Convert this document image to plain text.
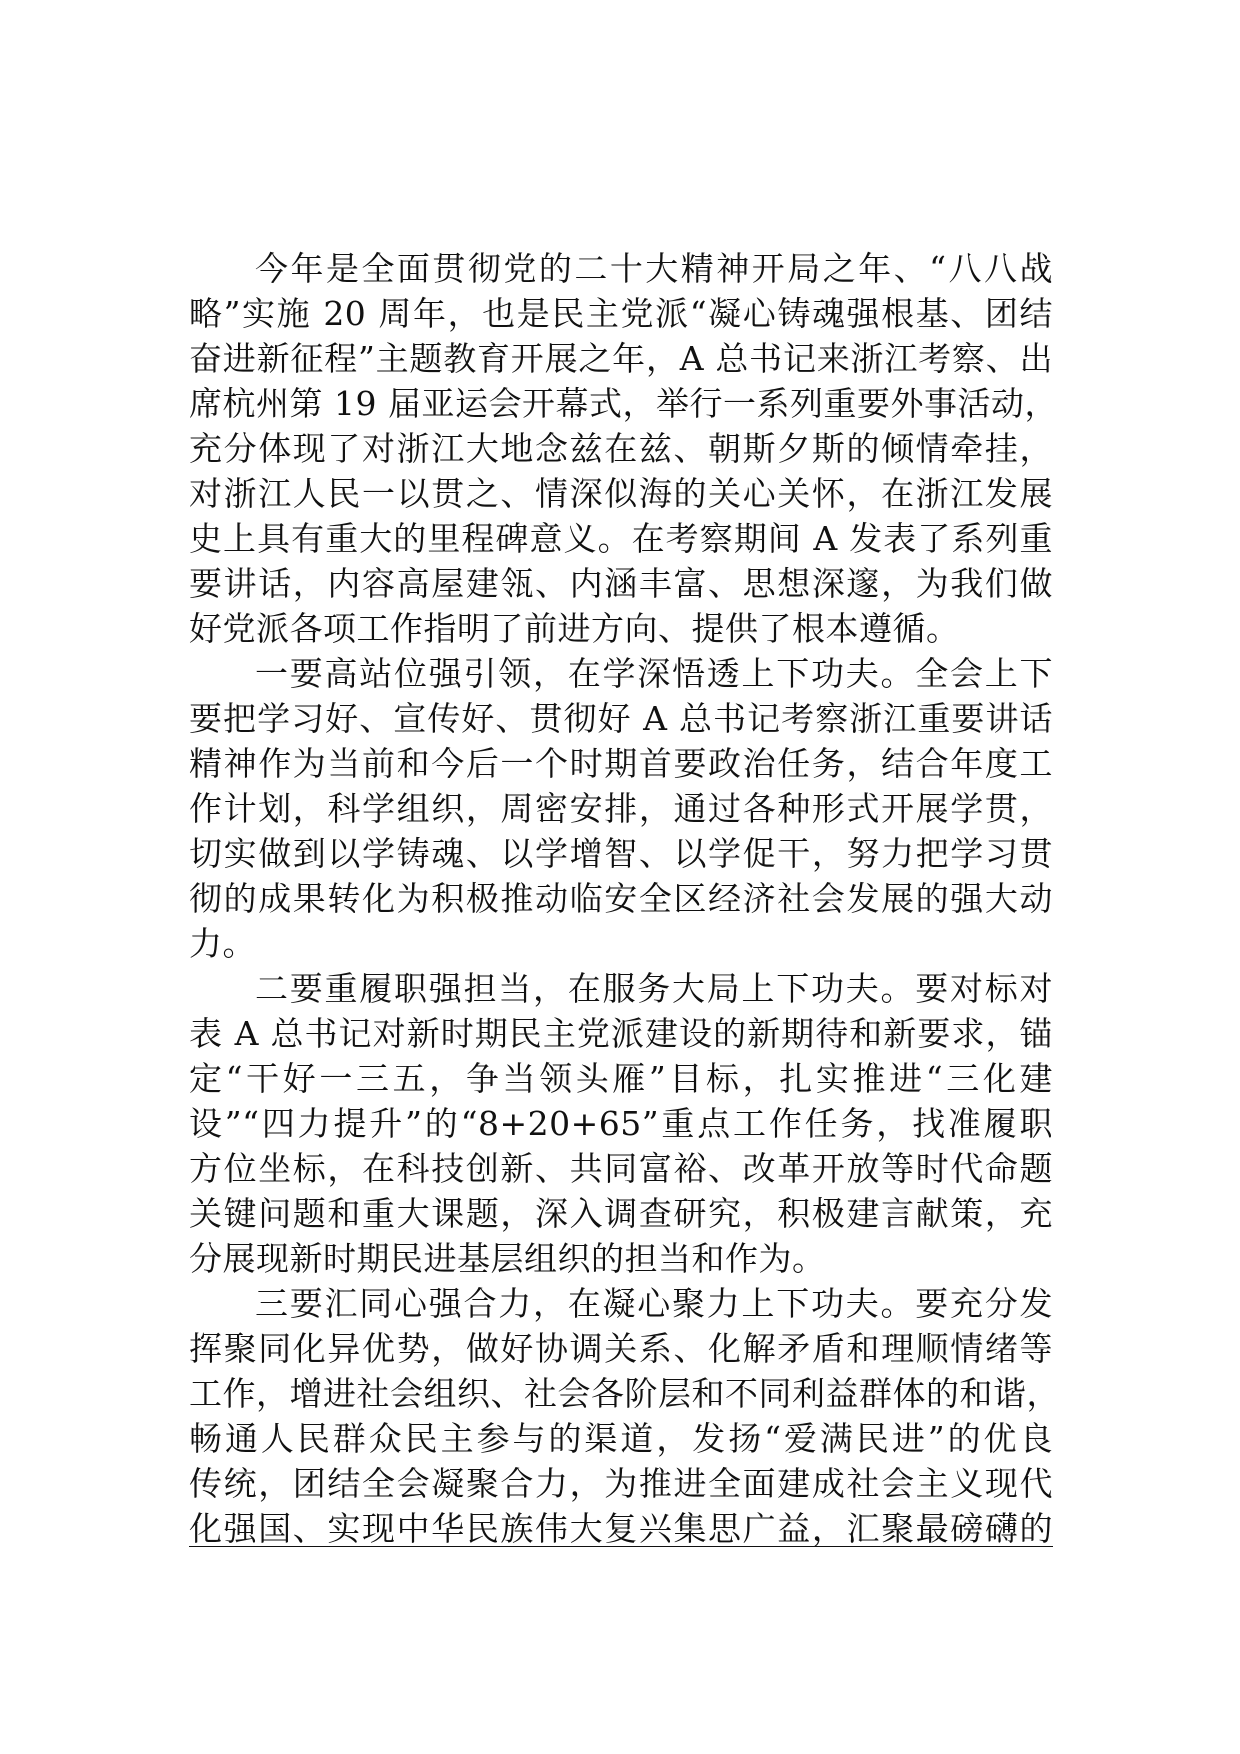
今年是全面贯彻党的二十大精神开局之年、“八八战
略”实施 20 周年，也是民主党派“凝心铸魂强根基、团结
奋进新征程”主题教育开展之年，A 总书记来浙江考察、出
席杭州第 19 届亚运会开幕式，举行一系列重要外事活动，
充分体现了对浙江大地念兹在兹、朝斯夕斯的倾情牵挂，
对浙江人民一以贯之、情深似海的关心关怀，在浙江发展
史上具有重大的里程碑意义。在考察期间 A 发表了系列重
要讲话，内容高屋建瓴、内涵丰富、思想深邃，为我们做
好党派各项工作指明了前进方向、提供了根本遵循。
一要高站位强引领，在学深悟透上下功夫。全会上下
要把学习好、宣传好、贯彻好 A 总书记考察浙江重要讲话
精神作为当前和今后一个时期首要政治任务，结合年度工
作计划，科学组织，周密安排，通过各种形式开展学贯，
切实做到以学铸魂、以学增智、以学促干，努力把学习贯
彻的成果转化为积极推动临安全区经济社会发展的强大动
力。
二要重履职强担当，在服务大局上下功夫。要对标对
表 A 总书记对新时期民主党派建设的新期待和新要求，锚
定“干好一三五，争当领头雁”目标，扎实推进“三化建
设”“四力提升”的“8+20+65”重点工作任务，找准履职
方位坐标，在科技创新、共同富裕、改革开放等时代命题
关键问题和重大课题，深入调查研究，积极建言献策，充
分展现新时期民进基层组织的担当和作为。
三要汇同心强合力，在凝心聚力上下功夫。要充分发
挥聚同化异优势，做好协调关系、化解矛盾和理顺情绪等
工作，增进社会组织、社会各阶层和不同利益群体的和谐，
畅通人民群众民主参与的渠道，发扬“爱满民进”的优良
传统，团结全会凝聚合力，为推进全面建成社会主义现代
化强国、实现中华民族伟大复兴集思广益，汇聚最磅礴的
